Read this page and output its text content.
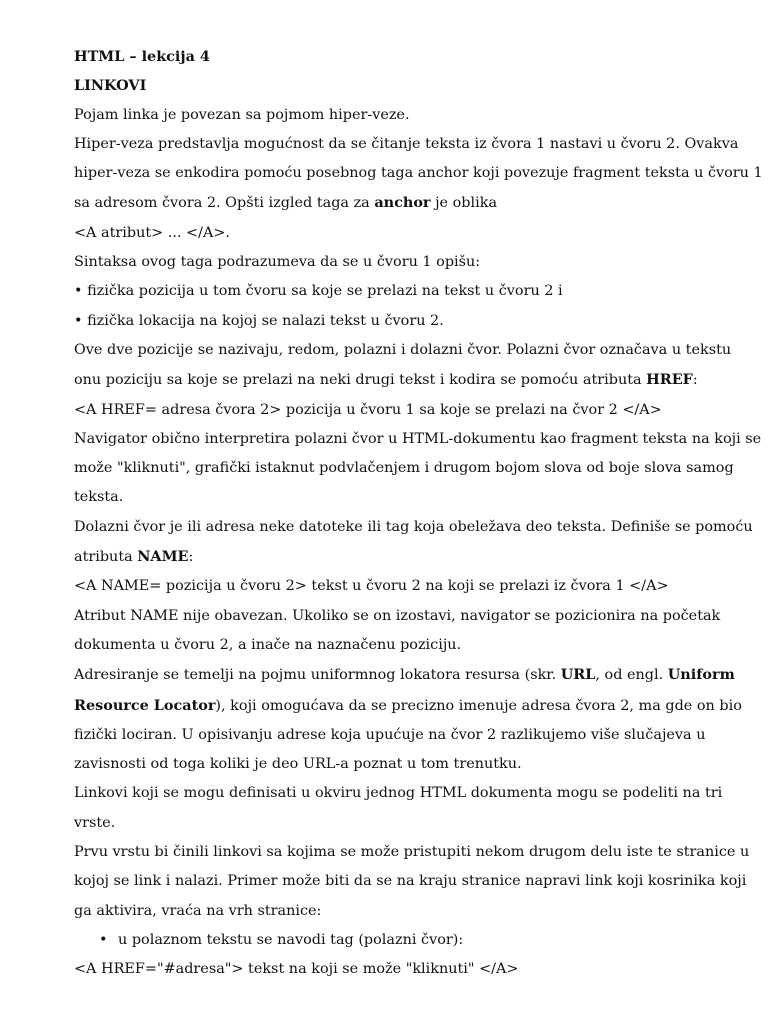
HTML – lekcija 4
LINKOVI
Pojam linka je povezan sa pojmom hiper-veze.
Hiper-veza predstavlja mogućnost da se čitanje teksta iz čvora 1 nastavi u čvoru 2. Ovakva
hiper-veza se enkodira pomoću posebnog taga anchor koji povezuje fragment teksta u čvoru 1
sa adresom čvora 2. Opšti izgled taga za anchor je oblika
<A atribut> ... </A>.
Sintaksa ovog taga podrazumeva da se u čvoru 1 opišu:
• fizička pozicija u tom čvoru sa koje se prelazi na tekst u čvoru 2 i
• fizička lokacija na kojoj se nalazi tekst u čvoru 2.
Ove dve pozicije se nazivaju, redom, polazni i dolazni čvor. Polazni čvor označava u tekstu
onu poziciju sa koje se prelazi na neki drugi tekst i kodira se pomoću atributa HREF:
<A HREF= adresa čvora 2> pozicija u čvoru 1 sa koje se prelazi na čvor 2 </A>
Navigator obično interpretira polazni čvor u HTML-dokumentu kao fragment teksta na koji se
može "kliknuti", grafički istaknut podvlačenjem i drugom bojom slova od boje slova samog
teksta.
Dolazni čvor je ili adresa neke datoteke ili tag koja obeležava deo teksta. Definiše se pomoću
atributa NAME:
<A NAME= pozicija u čvoru 2> tekst u čvoru 2 na koji se prelazi iz čvora 1 </A>
Atribut NAME nije obavezan. Ukoliko se on izostavi, navigator se pozicionira na početak
dokumenta u čvoru 2, a inače na naznačenu poziciju.
Adresiranje se temelji na pojmu uniformnog lokatora resursa (skr. URL, od engl. Uniform
Resource Locator), koji omogućava da se precizno imenuje adresa čvora 2, ma gde on bio
fizički lociran. U opisivanju adrese koja upućuje na čvor 2 razlikujemo više slučajeva u
zavisnosti od toga koliki je deo URL-a poznat u tom trenutku.
Linkovi koji se mogu definisati u okviru jednog HTML dokumenta mogu se podeliti na tri
vrste.
Prvu vrstu bi činili linkovi sa kojima se može pristupiti nekom drugom delu iste te stranice u
kojoj se link i nalazi. Primer može biti da se na kraju stranice napravi link koji kosrinika koji
ga aktivira, vraća na vrh stranice:
• u polaznom tekstu se navodi tag (polazni čvor):
<A HREF="#adresa"> tekst na koji se može "kliknuti" </A>
